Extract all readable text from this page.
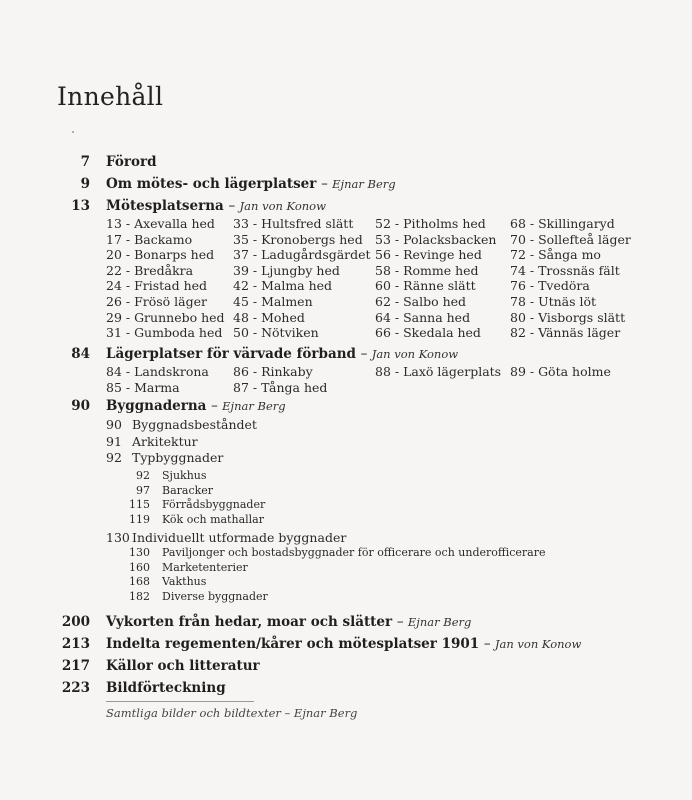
Innehåll
7 Förord
9 Om mötes- och lägerplatser – Ejnar Berg
13 Mötesplatserna – Jan von Konow
13 - Axevalla hed
17 - Backamo
20 - Bonarps hed
22 - Bredåkra
24 - Fristad hed
26 - Frösö läger
29 - Grunnebo hed
31 - Gumboda hed
33 - Hultsfred slätt
35 - Kronobergs hed
37 - Ladugårdsgärdet
39 - Ljungby hed
42 - Malma hed
45 - Malmen
48 - Mohed
50 - Nötviken
52 - Pitholms hed
53 - Polacksbacken
56 - Revinge hed
58 - Romme hed
60 - Ränne slätt
62 - Salbo hed
64 - Sanna hed
66 - Skedala hed
68 - Skillingaryd
70 - Sollefteå läger
72 - Sånga mo
74 - Trossnäs fält
76 - Tvedöra
78 - Utnäs löt
80 - Visborgs slätt
82 - Vännäs läger
84 Lägerplatser för värvade förband – Jan von Konow
84 - Landskrona
85 - Marma
86 - Rinkaby
87 - Tånga hed
88 - Laxö lägerplats 89 - Göta holme
90 Byggnaderna – Ejnar Berg
90 Byggnadsbeståndet
91 Arkitektur
92 Typbyggnader
92 Sjukhus
97 Baracker
115 Förrådsbyggnader
119 Kök och mathallar
130 Individuellt utformade byggnader
130 Paviljonger och bostadsbyggnader för officerare och underofficerare
160 Marketenterier
168 Vakthus
182 Diverse byggnader
200 Vykorten från hedar, moar och slätter – Ejnar Berg
213 Indelta regementen/kårer och mötesplatser 1901 – Jan von Konow
217 Källor och litteratur
223 Bildförteckning
Samtliga bilder och bildtexter – Ejnar Berg
